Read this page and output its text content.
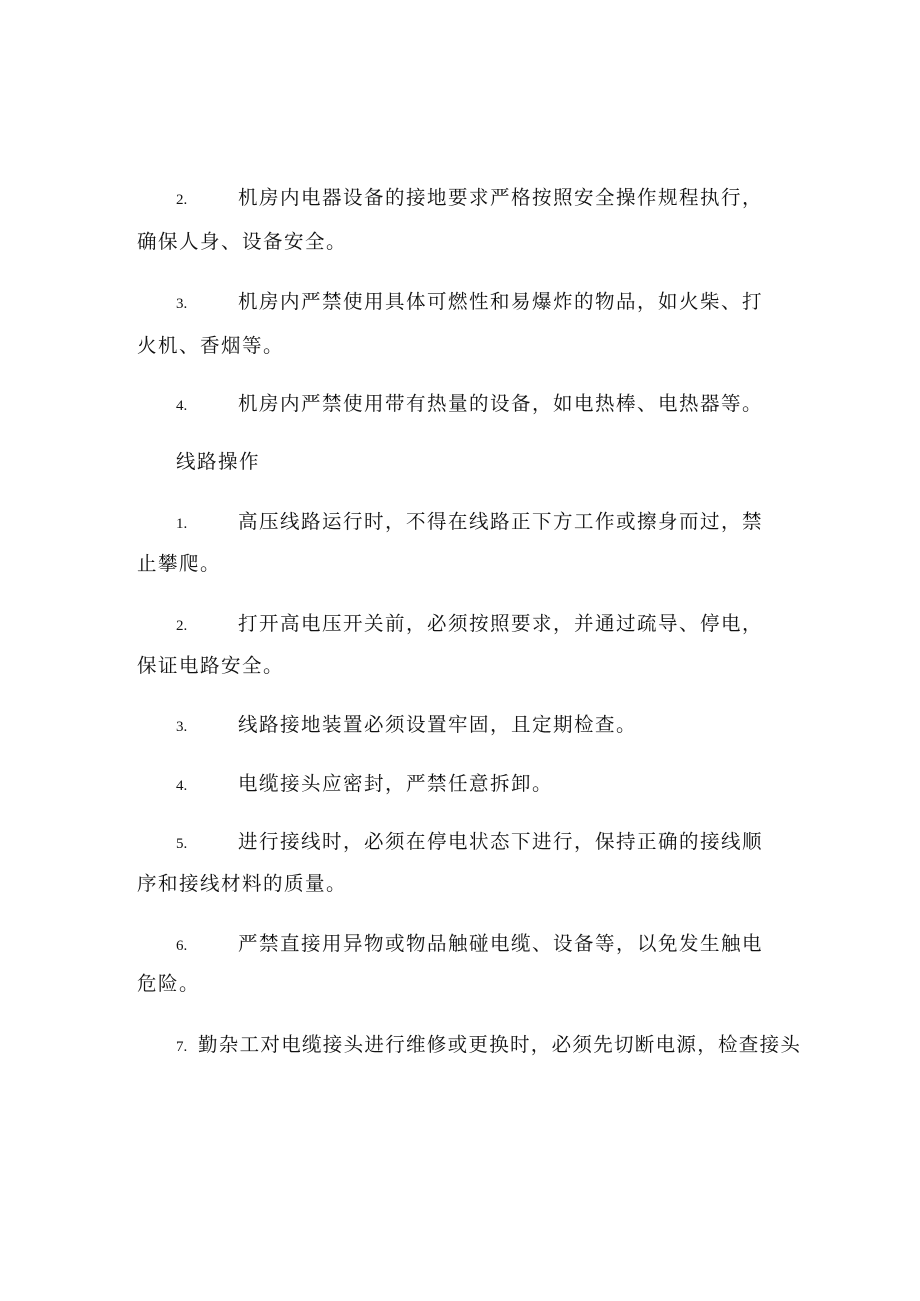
2.	机房内电器设备的接地要求严格按照安全操作规程执行，
确保人身、设备安全。
3.	机房内严禁使用具体可燃性和易爆炸的物品，如火柴、打
火机、香烟等。
4.	机房内严禁使用带有热量的设备，如电热棒、电热器等。
线路操作
1.	高压线路运行时，不得在线路正下方工作或擦身而过，禁
止攀爬。
2.	打开高电压开关前，必须按照要求，并通过疏导、停电，
保证电路安全。
3.	线路接地装置必须设置牢固，且定期检查。
4.	电缆接头应密封，严禁任意拆卸。
5.	进行接线时，必须在停电状态下进行，保持正确的接线顺
序和接线材料的质量。
6.	严禁直接用异物或物品触碰电缆、设备等，以免发生触电
危险。
7. 勤杂工对电缆接头进行维修或更换时，必须先切断电源，检查接头
